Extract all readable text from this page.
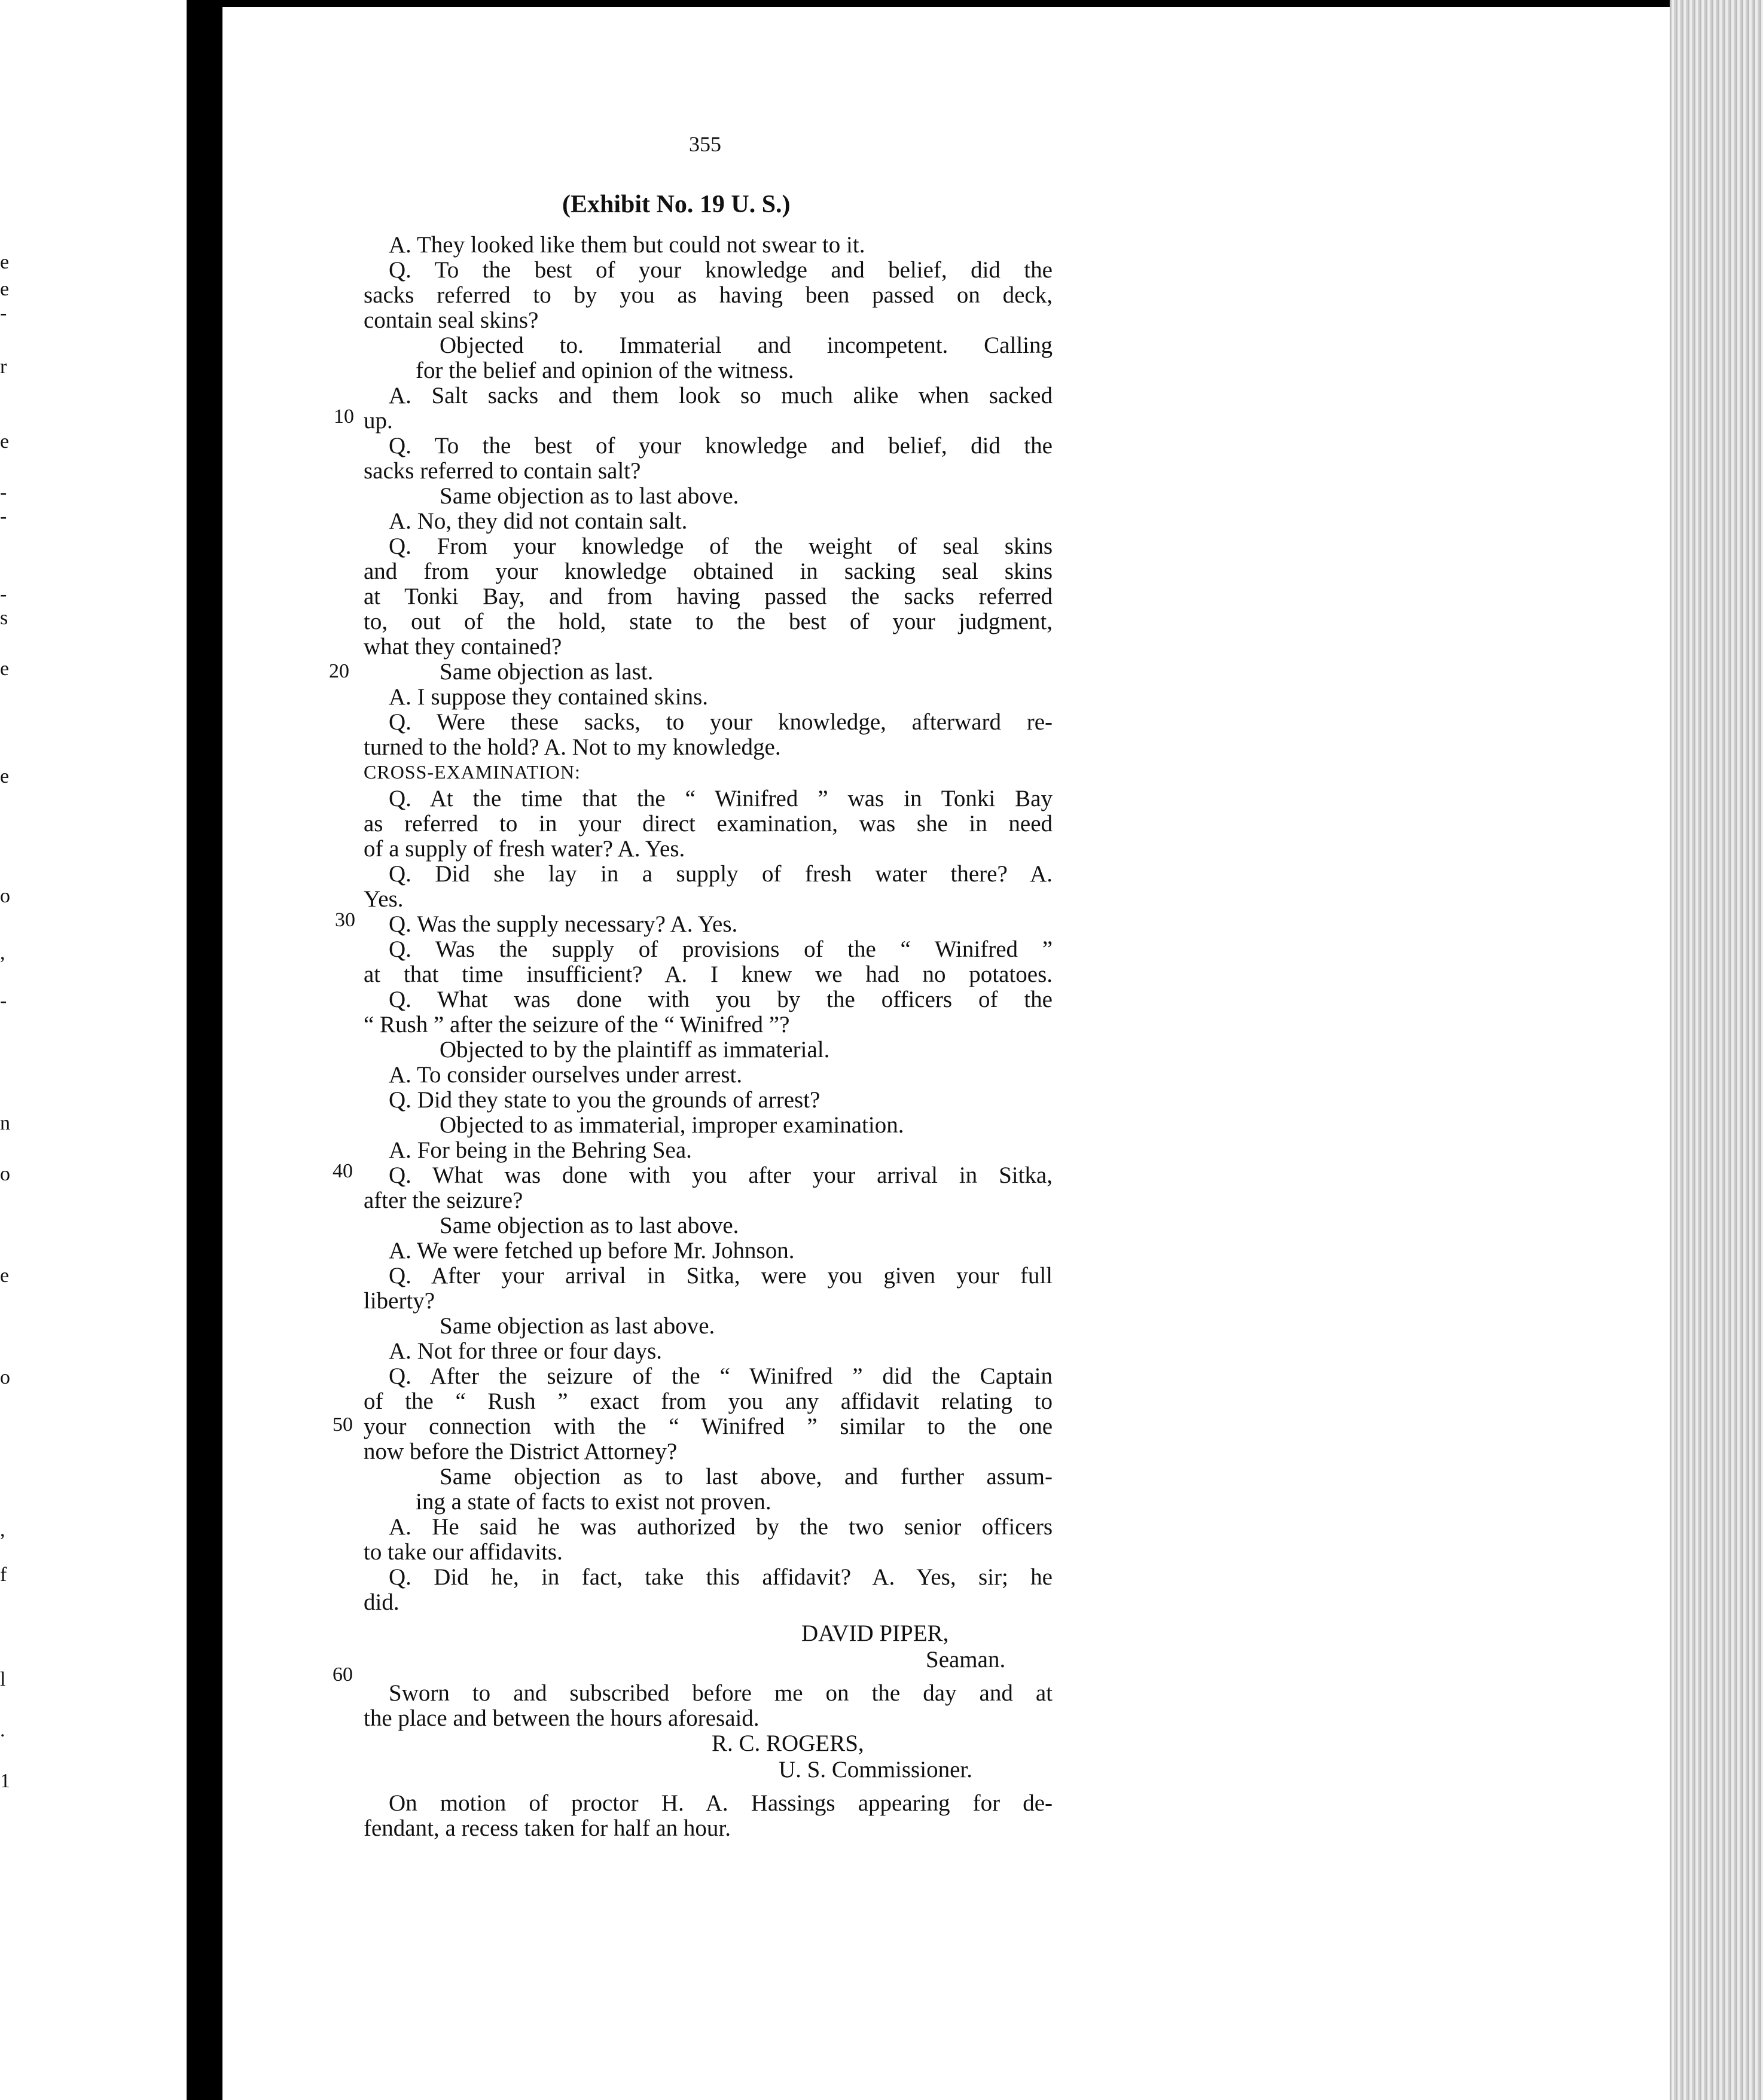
e
e
-
r
e
-
-
-
s
e
e
o
,
-
n
o
e
o
,
f
l
.
1
355
(Exhibit No. 19 U. S.)
A. They looked like them but could not swear to it.
Q. To the best of your knowledge and belief, did the
sacks referred to by you as having been passed on deck,
contain seal skins?
Objected to. Immaterial and incompetent. Calling
for the belief and opinion of the witness.
A. Salt sacks and them look so much alike when sacked
up.
Q. To the best of your knowledge and belief, did the
sacks referred to contain salt?
Same objection as to last above.
A. No, they did not contain salt.
Q. From your knowledge of the weight of seal skins
and from your knowledge obtained in sacking seal skins
at Tonki Bay, and from having passed the sacks referred
to, out of the hold, state to the best of your judgment,
what they contained?
Same objection as last.
A. I suppose they contained skins.
Q. Were these sacks, to your knowledge, afterward re-
turned to the hold? A. Not to my knowledge.
CROSS-EXAMINATION:
Q. At the time that the “ Winifred ” was in Tonki Bay
as referred to in your direct examination, was she in need
of a supply of fresh water? A. Yes.
Q. Did she lay in a supply of fresh water there? A.
Yes.
Q. Was the supply necessary? A. Yes.
Q. Was the supply of provisions of the “ Winifred ”
at that time insufficient? A. I knew we had no potatoes.
Q. What was done with you by the officers of the
“ Rush ” after the seizure of the “ Winifred ”?
Objected to by the plaintiff as immaterial.
A. To consider ourselves under arrest.
Q. Did they state to you the grounds of arrest?
Objected to as immaterial, improper examination.
A. For being in the Behring Sea.
Q. What was done with you after your arrival in Sitka,
after the seizure?
Same objection as to last above.
A. We were fetched up before Mr. Johnson.
Q. After your arrival in Sitka, were you given your full
liberty?
Same objection as last above.
A. Not for three or four days.
Q. After the seizure of the “ Winifred ” did the Captain
of the “ Rush ” exact from you any affidavit relating to
your connection with the “ Winifred ” similar to the one
now before the District Attorney?
Same objection as to last above, and further assum-
ing a state of facts to exist not proven.
A. He said he was authorized by the two senior officers
to take our affidavits.
Q. Did he, in fact, take this affidavit? A. Yes, sir; he
did.
DAVID PIPER,
Seaman.
Sworn to and subscribed before me on the day and at
the place and between the hours aforesaid.
R. C. ROGERS,
U. S. Commissioner.
On motion of proctor H. A. Hassings appearing for de-
fendant, a recess taken for half an hour.
10
20
30
40
50
60
